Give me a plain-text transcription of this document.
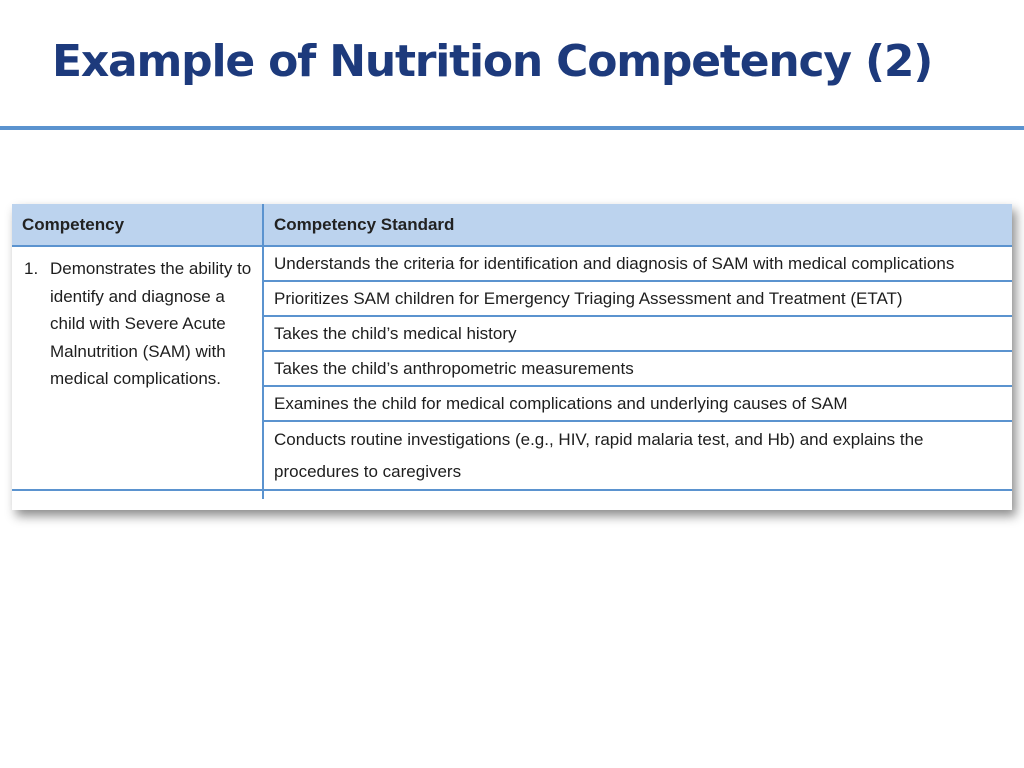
Example of Nutrition Competency (2)
Competency	Competency Standard

1. Demonstrates the ability to identify and diagnose a child with Severe Acute Malnutrition (SAM) with medical complications.	Understands the criteria for identification and diagnosis of SAM with medical complications
	Prioritizes SAM children for Emergency Triaging Assessment and Treatment (ETAT)
	Takes the child’s medical history
	Takes the child’s anthropometric measurements
	Examines the child for medical complications and underlying causes of SAM
	Conducts routine investigations (e.g., HIV, rapid malaria test, and Hb) and explains the procedures to caregivers
